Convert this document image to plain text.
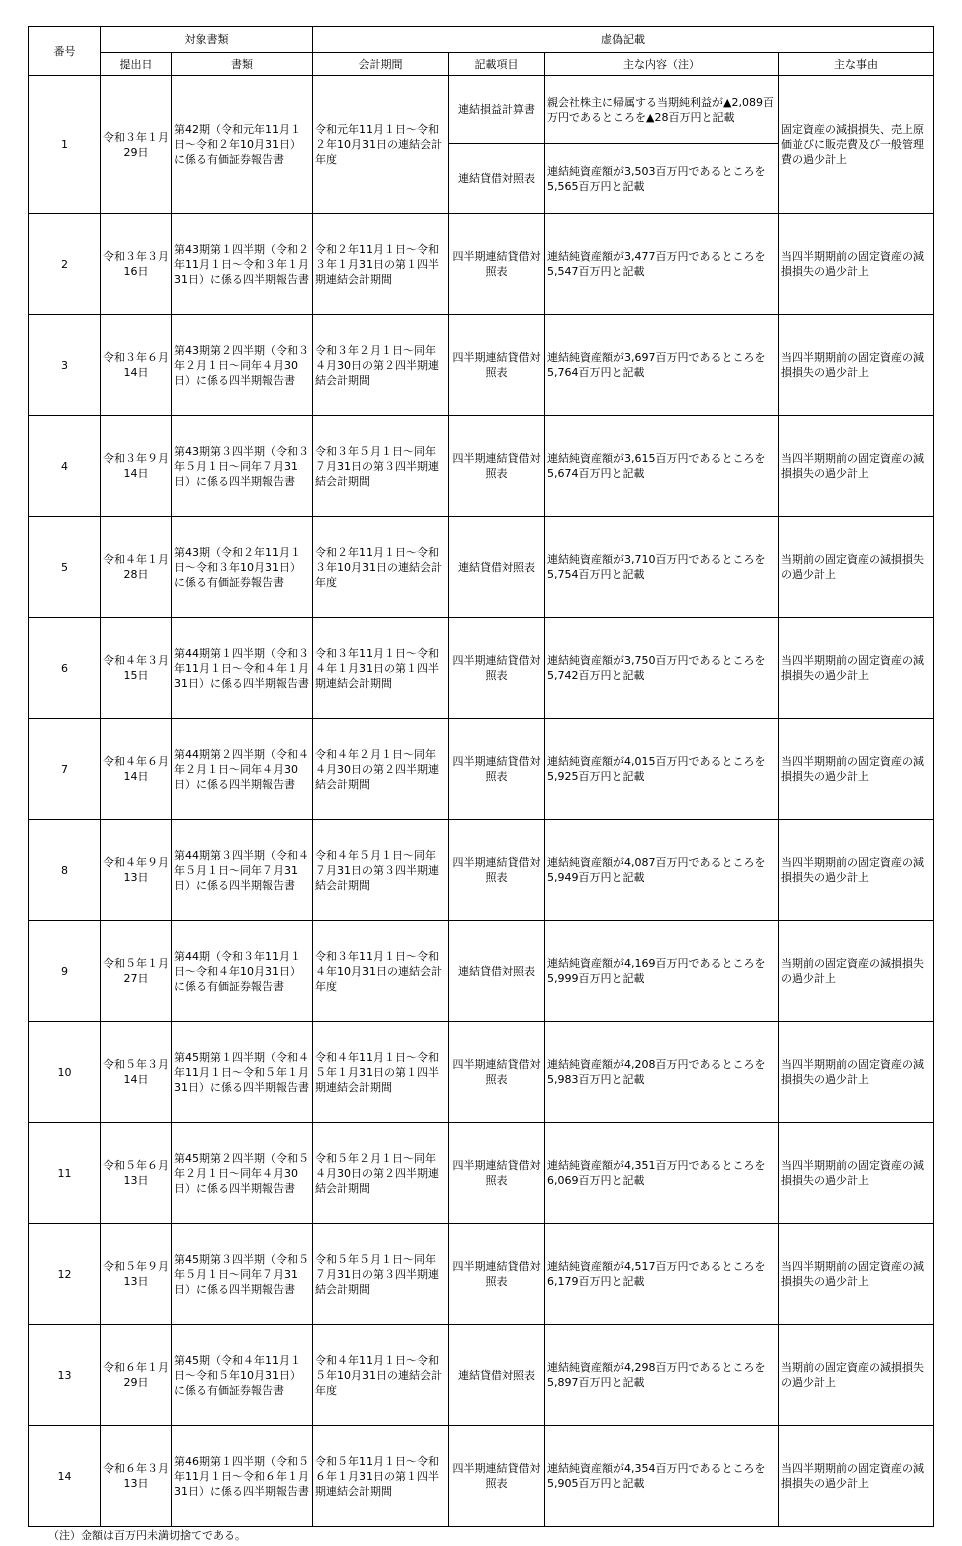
番号	対象書類		虚偽記載			
	提出日	書類	会計期間	記載項目	主な内容（注）	主な事由
1	令和３年１月29日	第42期（令和元年11月１日～令和２年10月31日）に係る有価証券報告書	令和元年11月１日～令和２年10月31日の連結会計年度	連結損益計算書	親会社株主に帰属する当期純利益が▲2,089百万円であるところを▲28百万円と記載	固定資産の減損損失、売上原価並びに販売費及び一般管理費の過少計上
				連結貸借対照表	連結純資産額が3,503百万円であるところを5,565百万円と記載	
2	令和３年３月16日	第43期第１四半期（令和２年11月１日～令和３年１月31日）に係る四半期報告書	令和２年11月１日～令和３年１月31日の第１四半期連結会計期間	四半期連結貸借対照表	連結純資産額が3,477百万円であるところを5,547百万円と記載	当四半期期前の固定資産の減損損失の過少計上
3	令和３年６月14日	第43期第２四半期（令和３年２月１日～同年４月30日）に係る四半期報告書	令和３年２月１日～同年４月30日の第２四半期連結会計期間	四半期連結貸借対照表	連結純資産額が3,697百万円であるところを5,764百万円と記載	当四半期期前の固定資産の減損損失の過少計上
4	令和３年９月14日	第43期第３四半期（令和３年５月１日～同年７月31日）に係る四半期報告書	令和３年５月１日～同年７月31日の第３四半期連結会計期間	四半期連結貸借対照表	連結純資産額が3,615百万円であるところを5,674百万円と記載	当四半期期前の固定資産の減損損失の過少計上
5	令和４年１月28日	第43期（令和２年11月１日～令和３年10月31日）に係る有価証券報告書	令和２年11月１日～令和３年10月31日の連結会計年度	連結貸借対照表	連結純資産額が3,710百万円であるところを5,754百万円と記載	当期前の固定資産の減損損失の過少計上
6	令和４年３月15日	第44期第１四半期（令和３年11月１日～令和４年１月31日）に係る四半期報告書	令和３年11月１日～令和４年１月31日の第１四半期連結会計期間	四半期連結貸借対照表	連結純資産額が3,750百万円であるところを5,742百万円と記載	当四半期期前の固定資産の減損損失の過少計上
7	令和４年６月14日	第44期第２四半期（令和４年２月１日～同年４月30日）に係る四半期報告書	令和４年２月１日～同年４月30日の第２四半期連結会計期間	四半期連結貸借対照表	連結純資産額が4,015百万円であるところを5,925百万円と記載	当四半期期前の固定資産の減損損失の過少計上
8	令和４年９月13日	第44期第３四半期（令和４年５月１日～同年７月31日）に係る四半期報告書	令和４年５月１日～同年７月31日の第３四半期連結会計期間	四半期連結貸借対照表	連結純資産額が4,087百万円であるところを5,949百万円と記載	当四半期期前の固定資産の減損損失の過少計上
9	令和５年１月27日	第44期（令和３年11月１日～令和４年10月31日）に係る有価証券報告書	令和３年11月１日～令和４年10月31日の連結会計年度	連結貸借対照表	連結純資産額が4,169百万円であるところを5,999百万円と記載	当期前の固定資産の減損損失の過少計上
10	令和５年３月14日	第45期第１四半期（令和４年11月１日～令和５年１月31日）に係る四半期報告書	令和４年11月１日～令和５年１月31日の第１四半期連結会計期間	四半期連結貸借対照表	連結純資産額が4,208百万円であるところを5,983百万円と記載	当四半期期前の固定資産の減損損失の過少計上
11	令和５年６月13日	第45期第２四半期（令和５年２月１日～同年４月30日）に係る四半期報告書	令和５年２月１日～同年４月30日の第２四半期連結会計期間	四半期連結貸借対照表	連結純資産額が4,351百万円であるところを6,069百万円と記載	当四半期期前の固定資産の減損損失の過少計上
12	令和５年９月13日	第45期第３四半期（令和５年５月１日～同年７月31日）に係る四半期報告書	令和５年５月１日～同年７月31日の第３四半期連結会計期間	四半期連結貸借対照表	連結純資産額が4,517百万円であるところを6,179百万円と記載	当四半期期前の固定資産の減損損失の過少計上
13	令和６年１月29日	第45期（令和４年11月１日～令和５年10月31日）に係る有価証券報告書	令和４年11月１日～令和５年10月31日の連結会計年度	連結貸借対照表	連結純資産額が4,298百万円であるところを5,897百万円と記載	当期前の固定資産の減損損失の過少計上
14	令和６年３月13日	第46期第１四半期（令和５年11月１日～令和６年１月31日）に係る四半期報告書	令和５年11月１日～令和６年１月31日の第１四半期連結会計期間	四半期連結貸借対照表	連結純資産額が4,354百万円であるところを5,905百万円と記載	当四半期期前の固定資産の減損損失の過少計上
（注）金額は百万円未満切捨てである。
